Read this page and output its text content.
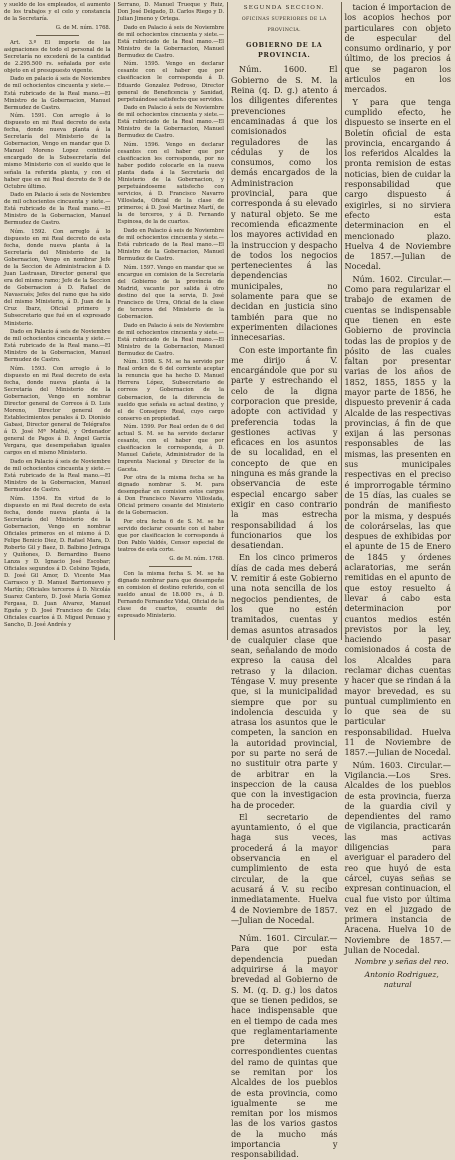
y sueldo de los empleados, el aumento de los trabajos y el celo y constancia de la Secretaría.

G. de M. núm. 1768.

Art. 3.º El importe de las asignaciones de todo el personal de la Secretaría no excederá de la cantidad de 2.295.500 rs. señalada por este objeto en el presupuesto vigente.

Dado en palacio á seis de Noviembre de mil ochocientos cincuenta y siete.—Está rubricado de la Real mano.—El Ministro de la Gobernacion, Manuel Bermudez de Castro.

Núm. 1591. Con arreglo á lo dispuesto en mi Real decreto de esta fecha, donde nueva planta á la Secretaría del Ministerio de la Gobernacion, Vengo en mandar que D. Manuel Moreno Lopez continúe encargado de la Subsecretaría del mismo Ministerio con el sueldo que le señala la referida planta, y con el haber que en mi Real decreto de 9 de Octubre último.

Dado en Palacio á seis de Noviembre de mil ochocientos cincuenta y siete.—Está rubricado de la Real mano.—El Ministro de la Gobernacion, Manuel Bermudez de Castro.

Núm. 1592. Con arreglo á lo dispuesto en mi Real decreto de esta fecha, donde nueva planta á la Secretaría del Ministerio de la Gobernacion, Vengo en nombrar Jefe de la Seccion de Administracion á D. Juan Lastrasan, Director general que era del mismo ramo; Jefe de la Seccion de Gobernacion á D. Rafael de Navascués; Jefes del ramo que ha sido del mismo Ministerio, á D. Juan de la Cruz Ibarz, Oficial primero y Subsecretario que fué en el expresado Ministerio.

Dado en Palacio á seis de Noviembre de mil ochocientos cincuenta y siete.—Está rubricado de la Real mano.—El Ministro de la Gobernacion, Manuel Bermudez de Castro.

Núm. 1593. Con arreglo á lo dispuesto en mi Real decreto de esta fecha, donde nueva planta á la Secretaría del Ministerio de la Gobernacion, Vengo en nombrar Director general de Correos á D. Luis Moreno, Director general de Establecimientos penales á D. Dionisio Gabasi, Director general de Telégrafos á D. José Mª Mathé, y Ordenador general de Pagos á D. Ángel García Vergara, que desempeñaban iguales cargos en el mismo Ministerio.

Dado en Palacio á seis de Noviembre de mil ochocientos cincuenta y siete.—Está rubricado de la Real mano.—El Ministro de la Gobernacion, Manuel Bermudez de Castro.

Núm. 1594. En virtud de lo dispuesto en mi Real decreto de esta fecha, donde nueva planta á la Secretaría del Ministerio de la Gobernacion, Vengo en nombrar Oficiales primeros en el mismo á D. Felipe Benicio Diez, D. Rafael Mara, D. Roberto Gil y Baez, D. Balbino Jedraga y Quiñones, D. Bernardino Bueno Lanza y D. Ignacio José Escobar; Oficiales segundos á D. Celsino Tejada, D. José Gil Amor, D. Vicente Mas Carrasco y D. Manuel Barrionuevo y Martín; Oficiales terceros á D. Nicolás Suarez Cantero, D. José María Gomez Fergasa, D. Juan Alvarez, Manuel Egaña y D. José Francisco de Cela; Oficiales cuartos á D. Miguel Penuao y Sancho, D. José Andrés y

Serrano, D. Manuel Trueque y Ruiz, Don José Delgado, D. Carlos Riego y D. Julian Jimeno y Ortega.

Dado en Palacio á seis de Noviembre de mil ochocientos cincuenta y siete.—Está rubricado de la Real mano.—El Ministro de la Gobernacion, Manuel Bermudez de Castro.

Núm. 1595. Vengo en declarar cesante con el haber que por clasificacion le corresponda á D. Eduardo Gonzalez Pedroso, Director general de Beneficencia y Sanidad, perpetuándose satisfecho que servidos.

Dado en Palacio á seis de Noviembre de mil ochocientos cincuenta y siete.—Está rubricado de la Real mano.—El Ministro de la Gobernacion, Manuel Bermudez de Castro.

Núm. 1596. Vengo en declarar cesantes con el haber que por clasificacion les corresponda, por no haber podido colocarle en la nueva planta dada á la Secretaría del Ministerio de la Gobernacion, y perpetuándoseme satisfecho con servicios, á D. Francisco Navarro Villoslada, Oficial de la clase de primeros; á D. José Martinez Martí, de la de terceros, y á D. Fernando Espinosa, de la de cuartos.

Dado en Palacio á seis de Noviembre de mil ochocientos cincuenta y siete.—Está rubricado de la Real mano.—El Ministro de la Gobernacion, Manuel Bermudez de Castro.

Núm. 1597. Vengo en mandar que se encargue en comision de la Secretaría del Gobierno de la provincia de Madrid, vacante por salida á otro destino del que la servia, D. José Francisco de Urra, Oficial de la clase de terceros del Ministerio de la Gobernacion.

Dado en Palacio á seis de Noviembre de mil ochocientos cincuenta y siete.—Está rubricado de la Real mano.—El Ministro de la Gobernacion, Manuel Bermudez de Castro.

Núm. 1598. S. M. se ha servido por Real orden de 6 del corriente aceptar la renuncia que ha hecho D. Manuel Herrera López, Subsecretario de correos y Gobernacion de la Gobernacion, de la diferencia de sueldo que señala su actual destino, y el de Consejero Real, cuyo cargo conservo en propiedad.

Núm. 1599. Por Real orden de 6 del actual S. M. se ha servido declarar cesante, con el haber que por clasificacion le corresponda, á D. Manuel Cañete, Administrador de la Imprenta Nacional y Director de la Gaceta.

Por otra de la misma fecha se ha dignado nombrar S. M. para desempeñar en comision estos cargos á Don Francisco Navarro Villoslada, Oficial primero cesante del Ministerio de la Gobernacion.

Por otra fecha 6 de S. M. se ha servido declarar cesante con el haber que por clasificacion le corresponda á Don Pablo Valdés, Censor especial de teatros de esta corte.

G. de M. núm. 1768.

Con la misma fecha S. M. se ha dignado nombrar para que desempeñe en comision el destino referido, con el sueldo anual de 18.000 rs., á D. Fernando Fernandez Vidal, Oficial de la clase de cuartos, cesante del espresado Ministerio.

SEGUNDA SECCION.
OFICINAS SUPERIORES DE LA PROVINCIA.
GOBIERNO DE LA PROVINCIA.

Núm. 1600. El Gobierno de S. M. la Reina (q. D. g.) atento á los diligentes diferentes prevenciones encaminadas á que los comisionados reguladores de las cédulas y de los consumos, como los demás encargados de la Administracion provincial, para que corresponda á su elevado y natural objeto. Se me recomienda eficazmente los mayores actividad en la instruccion y despacho de todos los negocios pertenecientes á las dependencias municipales, no solamente para que se decidan en justicia sino también para que no experimenten dilaciones innecesarias.

Con este importante fin me dirijo á V. encargándole que por su parte y estrechando el celo de la digna corporacion que preside, adopte con actividad y preferencia todas la gestiones activas y eficaces en los asuntos de su localidad, en el concepto de que en ninguna es más grande la observancia de este especial encargo saber exigir en caso contrario la mas estrecha responsabilidad á los funcionarios que los desatiendan.

En los cinco primeros días de cada mes deberá V. remitir á este Gobierno una nota sencilla de los negocios pendientes, de los que no estén tramitados, cuentas y demas asuntos atrasados de cualquier clase que sean, señalando de modo expreso la causa del retraso y la dilacion. Téngase V. muy presente que, si la municipalidad siempre que por su indolencia descuida y atrasa los asuntos que le competen, la sancion en la autoridad provincial, por su parte no será de no sustituir otra parte y de arbitrar en la inspeccion de la causa que con la investigacion ha de proceder.

El secretario de ayuntamiento, ó el que haga sus veces, procederá á la mayor observancia en el cumplimiento de esta circular, de la que acusará á V. su recibo inmediatamente. Huelva 4 de Noviembre de 1857.—Julian de Nocedal.

Núm. 1601. Circular.—Para que por esta dependencia puedan adquirirse á la mayor brevedad al Gobierno de S. M. (q. D. g.) los datos que se tienen pedidos, se hace indispensable que en el tiempo de cada mes que reglamentariamente pre determina las correspondientes cuentas del ramo de quintas que se remitan por los Alcaldes de los pueblos de esta provincia, como igualmente se me remitan por los mismos las de los varios gastos de la mucho más importancia y responsabilidad.

tacion é importacion de los acopios hechos por particulares con objeto de especular del consumo ordinario, y por último, de los precios á que se pagaron los articulos en los mercados.

Y para que tenga cumplido efecto, he dispuesto se inserte en el Boletín oficial de esta provincia, encargando á los referidos Alcaldes la pronta remision de estas noticias, bien de cuidar la responsabilidad que cargo dispuesto á exigirles, si no sirviera efecto esta determinacion en el mencionado plazo. Huelva 4 de Noviembre de 1857.—Julian de Nocedal.

Núm. 1602. Circular.—Como para regularizar el trabajo de examen de cuentas se indispensable que tienen en este Gobierno de provincia todas las de propios y de pósito de las cuales faltan por presentar varias de los años de 1852, 1855, 1855 y la mayor parte de 1856, he dispuesto prevenir á cada Alcalde de las respectivas provincias, á fin de que exijan á las personas responsables de las mismas, las presenten en sus municipales respectivas en el preciso é improrrogable término de 15 días, las cuales se pondrán de manifiesto por la misma, y después de colorárselas, las que despues de exhibidas por el apunte de 15 de Enero de 1845 y órdenes aclaratorias, me serán remitidas en el apunto de que estoy resuelto á llevar á cabo esta determinacion por cuantos medios estén previstos por la ley, haciendo pasar comisionados á costa de los Alcaldes para reclamar dichas cuentas y hacer que se rindan á la mayor brevedad, es su puntual cumplimiento en lo que sea de su particular responsabilidad. Huelva 11 de Noviembre de 1857.—Julian de Nocedal.

Núm. 1603. Circular.—Vigilancia.—Los Sres. Alcaldes de los pueblos de esta provincia, fuerza de la guardia civil y dependientes del ramo de vigilancia, practicarán las mas activas diligencias para averiguar el paradero del reo que huyó de esta cárcel, cuyas señas se expresan continuacion, el cual fue visto por última vez en el juzgado de primera instancia de Aracena. Huelva 10 de Noviembre de 1857.—Julian de Nocedal.

Nombre y señas del reo.

Antonio Rodriguez, natural
